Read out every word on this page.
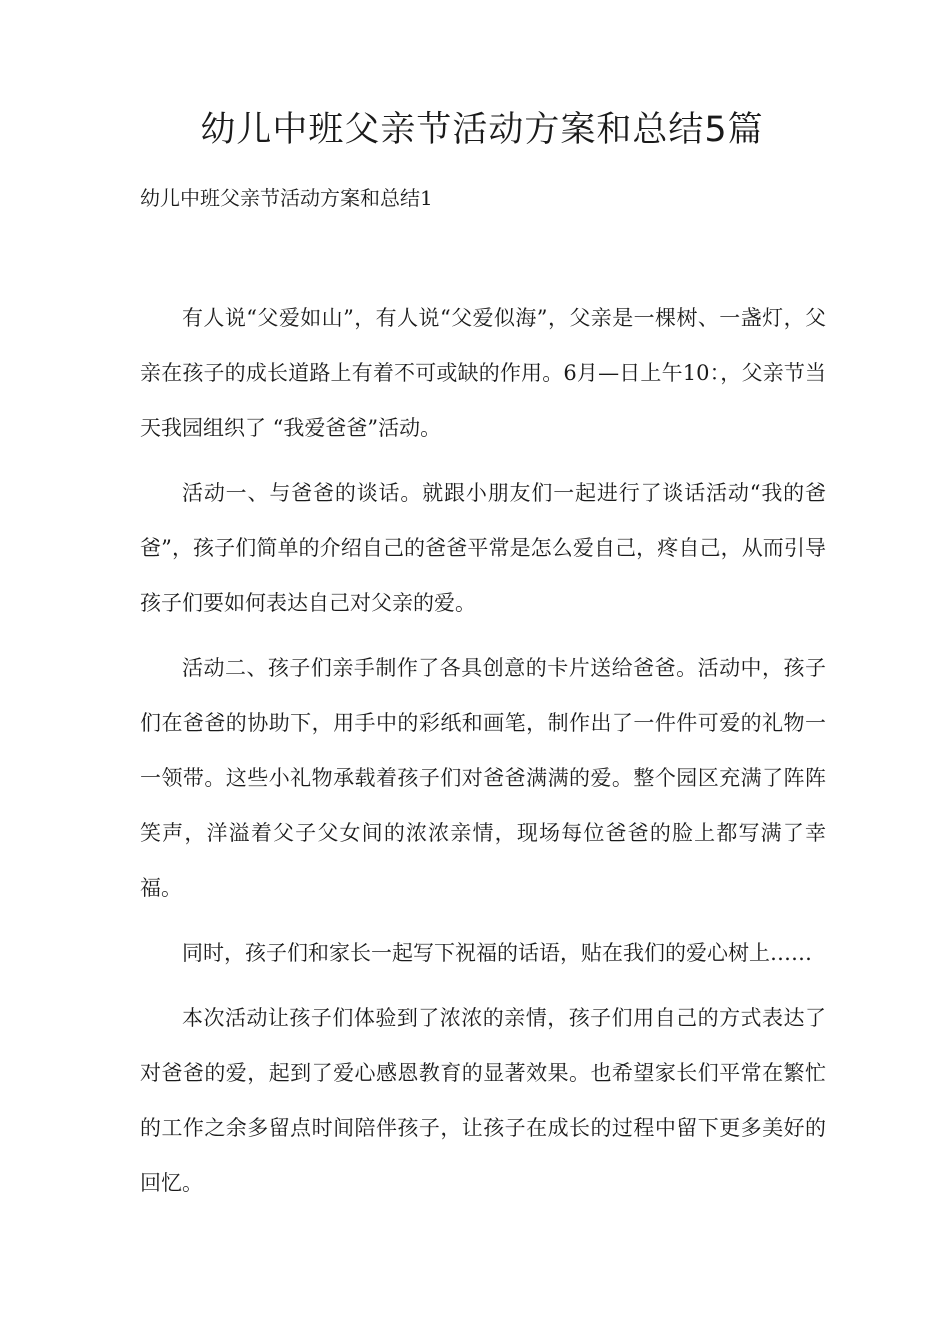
幼儿中班父亲节活动方案和总结5篇

幼儿中班父亲节活动方案和总结1

有人说“父爱如山”，有人说“父爱似海”，父亲是一棵树、一盏灯，父亲在孩子的成长道路上有着不可或缺的作用。6月—日上午10：，父亲节当天我园组织了 “我爱爸爸”活动。

活动一、与爸爸的谈话。就跟小朋友们一起进行了谈话活动“我的爸爸”，孩子们简单的介绍自己的爸爸平常是怎么爱自己，疼自己，从而引导孩子们要如何表达自己对父亲的爱。

活动二、孩子们亲手制作了各具创意的卡片送给爸爸。活动中，孩子们在爸爸的协助下，用手中的彩纸和画笔，制作出了一件件可爱的礼物一一领带。这些小礼物承载着孩子们对爸爸满满的爱。整个园区充满了阵阵笑声，洋溢着父子父女间的浓浓亲情，现场每位爸爸的脸上都写满了幸福。

同时，孩子们和家长一起写下祝福的话语，贴在我们的爱心树上……

本次活动让孩子们体验到了浓浓的亲情，孩子们用自己的方式表达了对爸爸的爱，起到了爱心感恩教育的显著效果。也希望家长们平常在繁忙的工作之余多留点时间陪伴孩子，让孩子在成长的过程中留下更多美好的回忆。
